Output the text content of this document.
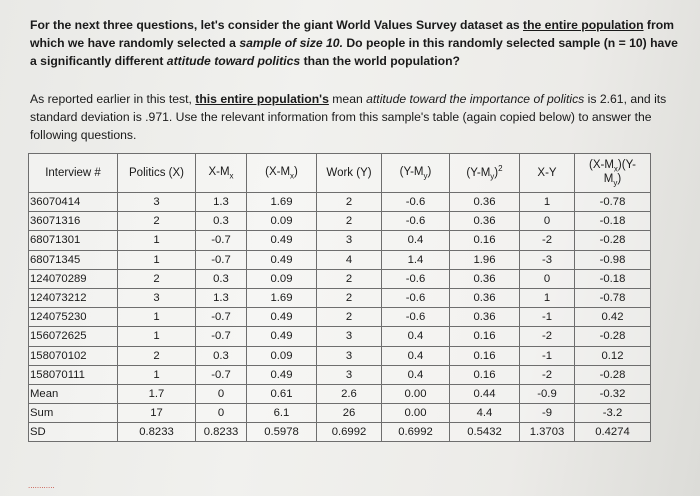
For the next three questions, let's consider the giant World Values Survey dataset as the entire population from which we have randomly selected a sample of size 10. Do people in this randomly selected sample (n = 10) have a significantly different attitude toward politics than the world population?
As reported earlier in this test, this entire population's mean attitude toward the importance of politics is 2.61, and its standard deviation is .971. Use the relevant information from this sample's table (again copied below) to answer the following questions.
Interview #	Politics (X)	$X-M_x$	$(X-M_x)$	Work (Y)	$(Y-M_y)$	$(Y-M_y)^2$	X-Y	$(X-M_x)(Y-$
$M_y$)
36070414	3	1.3	1.69	2	-0.6	0.36	1	-0.78
36071316	2	0.3	0.09	2	-0.6	0.36	0	-0.18
68071301	1	-0.7	0.49	3	0.4	0.16	-2	-0.28
68071345	1	-0.7	0.49	4	1.4	1.96	-3	-0.98
124070289	2	0.3	0.09	2	-0.6	0.36	0	-0.18
124073212	3	1.3	1.69	2	-0.6	0.36	1	-0.78
124075230	1	-0.7	0.49	2	-0.6	0.36	-1	0.42
156072625	1	-0.7	0.49	3	0.4	0.16	-2	-0.28
158070102	2	0.3	0.09	3	0.4	0.16	-1	0.12
158070111	1	-0.7	0.49	3	0.4	0.16	-2	-0.28
Mean	1.7	0	0.61	2.6	0.00	0.44	-0.9	-0.32
Sum	17	0	6.1	26	0.00	4.4	-9	-3.2
SD	0.8233	0.8233	0.5978	0.6992	0.6992	0.5432	1.3703	0.4274
............
